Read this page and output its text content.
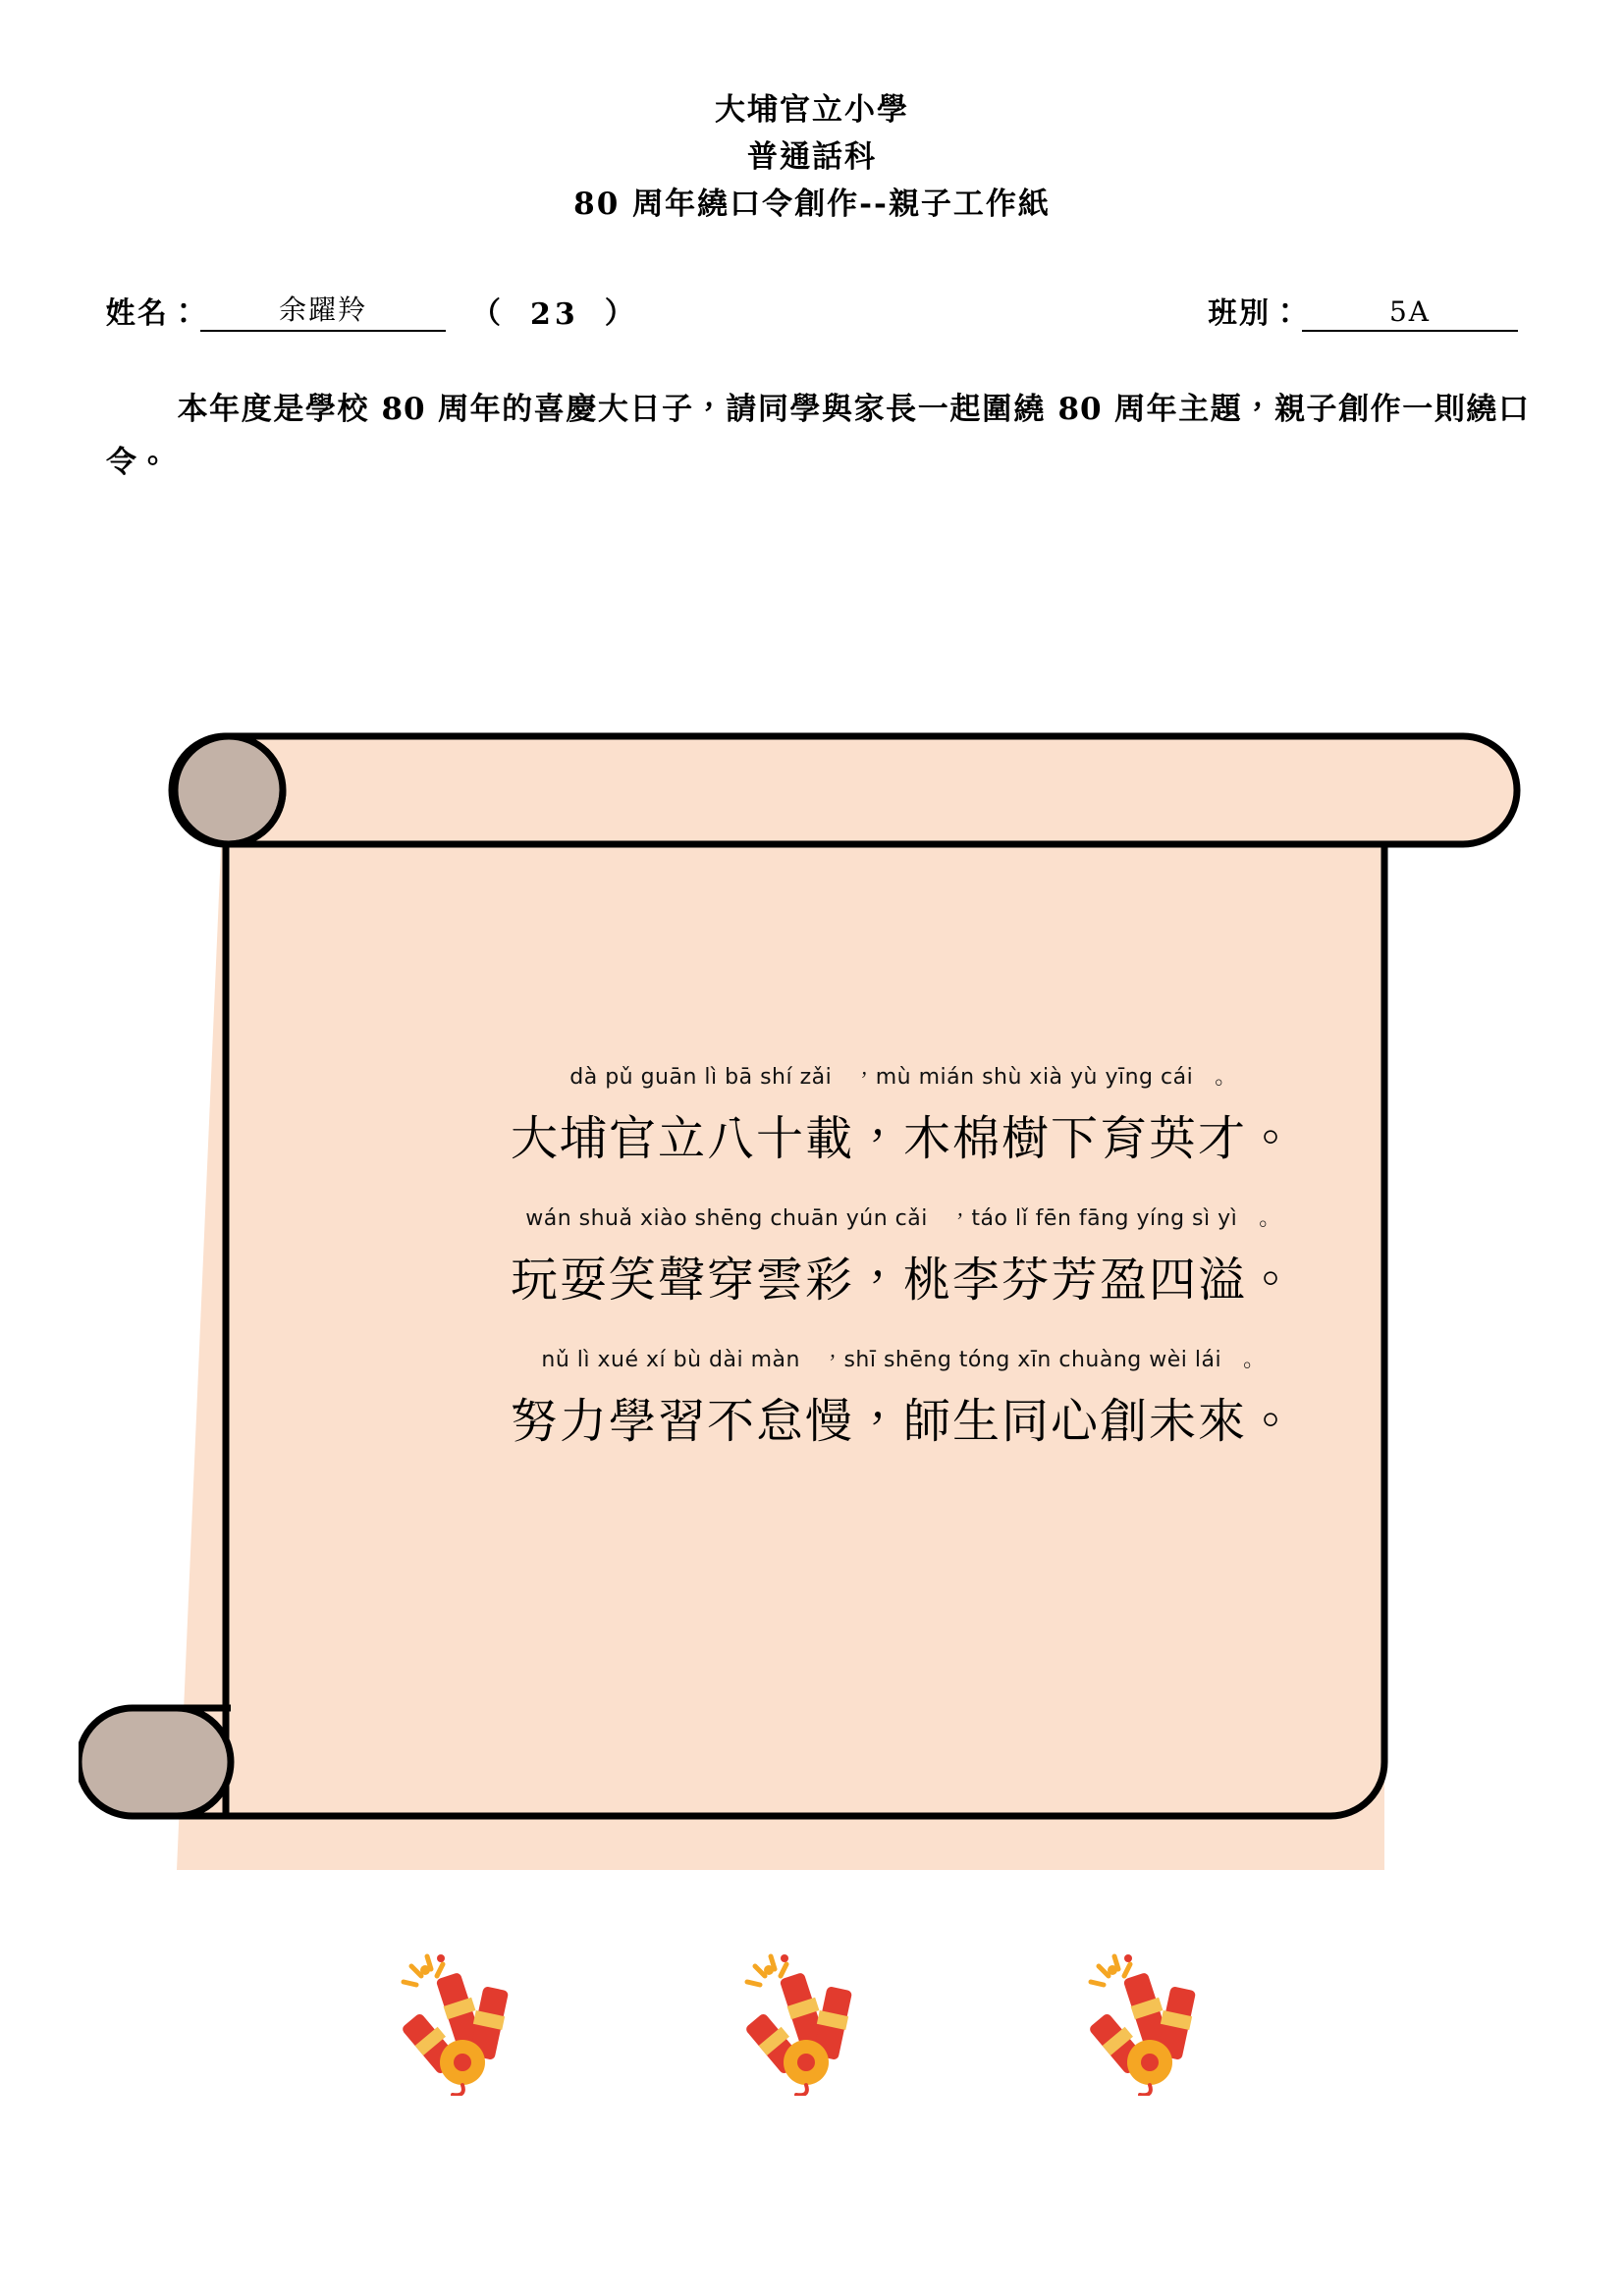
大埔官立小學
普通話科
80 周年繞口令創作--親子工作紙
姓名：	余躍羚	（ 23 ）	班別：	5A
本年度是學校 80 周年的喜慶大日子，請同學與家長一起圍繞 80 周年主題，親子創作一則繞口令。
dà pǔ guān lì bā shí zǎi ，mù mián shù xià yù yīng cái 。
大埔官立八十載，木棉樹下育英才。
wán shuǎ xiào shēng chuān yún cǎi ，táo lǐ fēn fāng yíng sì yì 。
玩耍笑聲穿雲彩，桃李芬芳盈四溢。
nǔ lì xué xí bù dài màn ，shī shēng tóng xīn chuàng wèi lái 。
努力學習不怠慢，師生同心創未來。
